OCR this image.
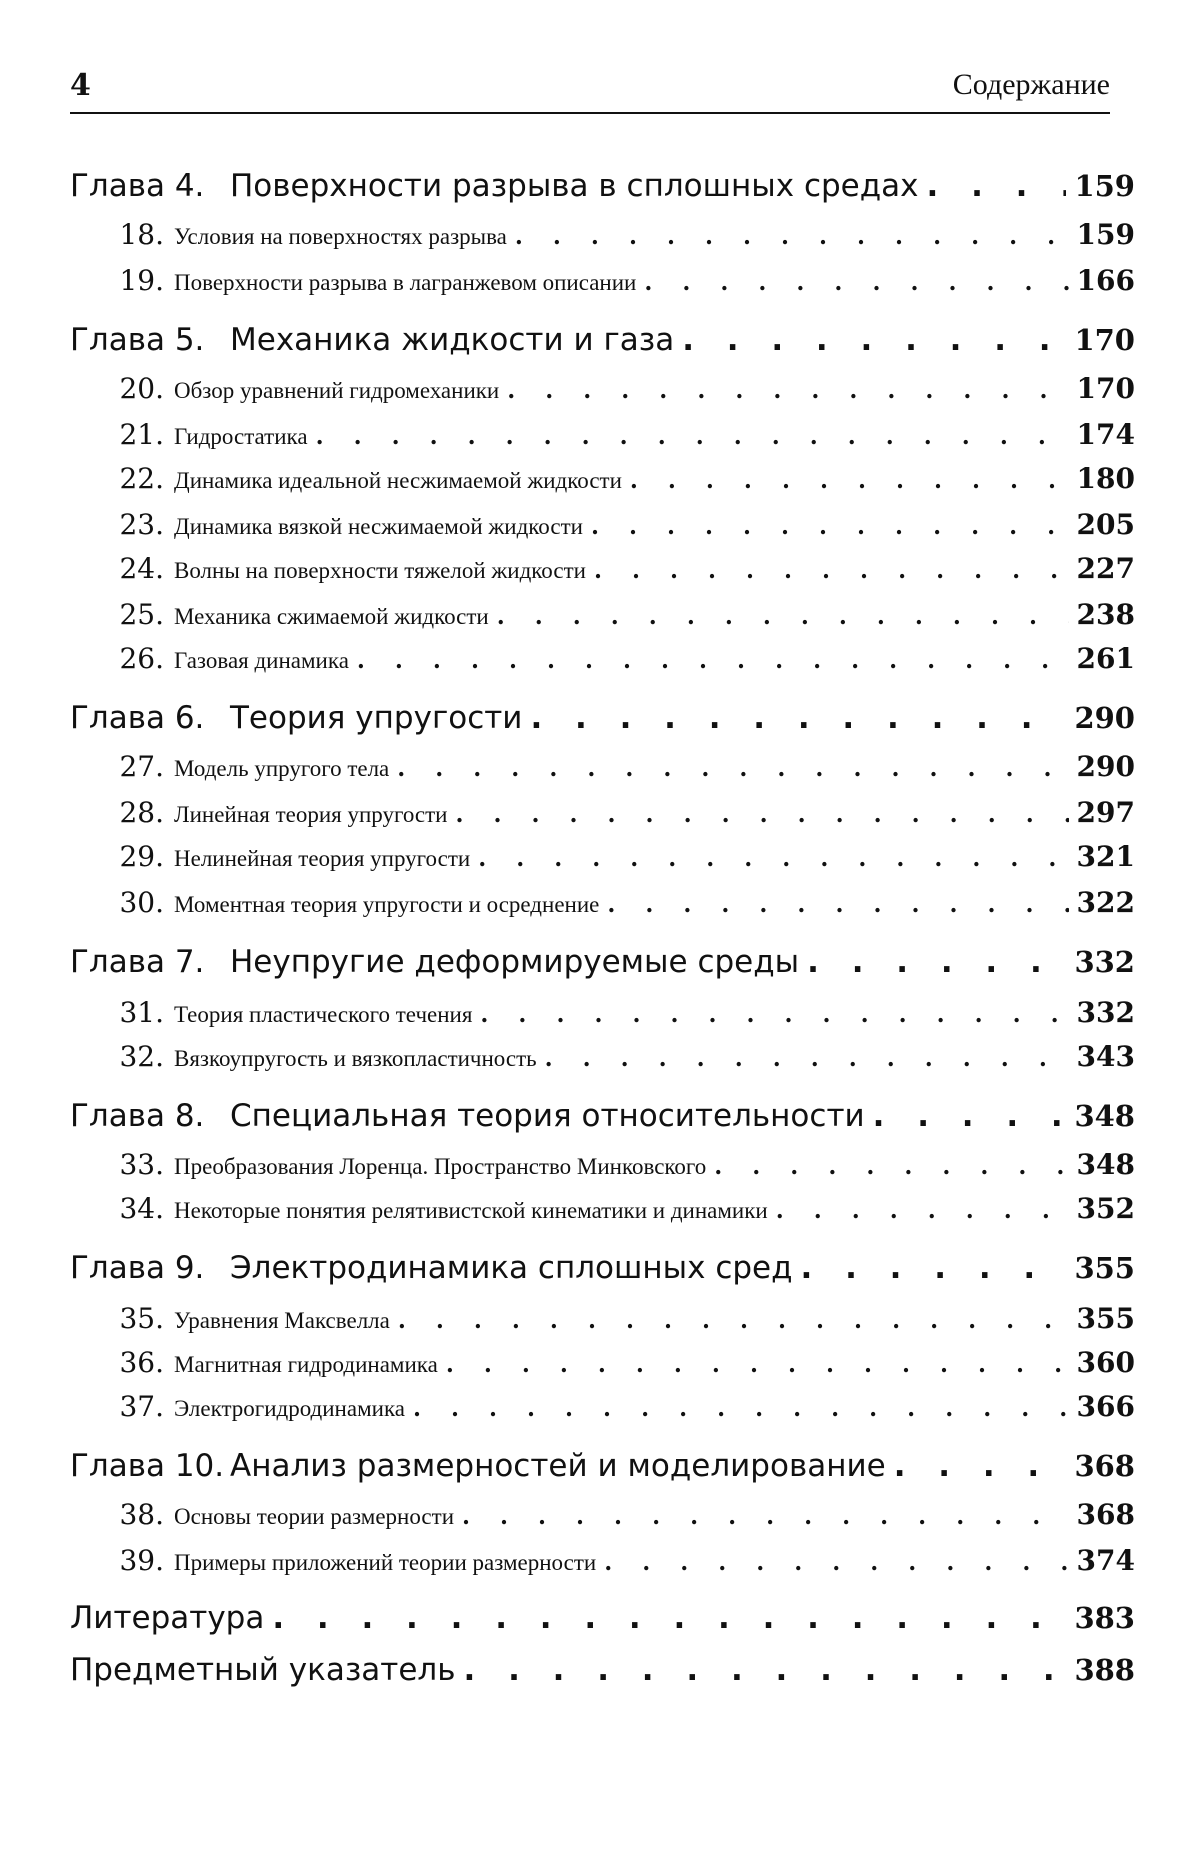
4	Содержание
Глава 4. Поверхности разрыва в сплошных средах . . .	159
18. Условия на поверхностях разрыва . . .	159
19. Поверхности разрыва в лагранжевом описании . . .	166
Глава 5. Механика жидкости и газа . . .	170
20. Обзор уравнений гидромеханики . . .	170
21. Гидростатика . . .	174
22. Динамика идеальной несжимаемой жидкости . . .	180
23. Динамика вязкой несжимаемой жидкости . . .	205
24. Волны на поверхности тяжелой жидкости . . .	227
25. Механика сжимаемой жидкости . . .	238
26. Газовая динамика . . .	261
Глава 6. Теория упругости . . .	290
27. Модель упругого тела . . .	290
28. Линейная теория упругости . . .	297
29. Нелинейная теория упругости . . .	321
30. Моментная теория упругости и осреднение . . .	322
Глава 7. Неупругие деформируемые среды . . .	332
31. Теория пластического течения . . .	332
32. Вязкоупругость и вязкопластичность . . .	343
Глава 8. Специальная теория относительности . . .	348
33. Преобразования Лоренца. Пространство Минковского . . .	348
34. Некоторые понятия релятивистской кинематики и динамики . . .	352
Глава 9. Электродинамика сплошных сред . . .	355
35. Уравнения Максвелла . . .	355
36. Магнитная гидродинамика . . .	360
37. Электрогидродинамика . . .	366
Глава 10. Анализ размерностей и моделирование . . .	368
38. Основы теории размерности . . .	368
39. Примеры приложений теории размерности . . .	374
Литература . . .	383
Предметный указатель . . .	388
